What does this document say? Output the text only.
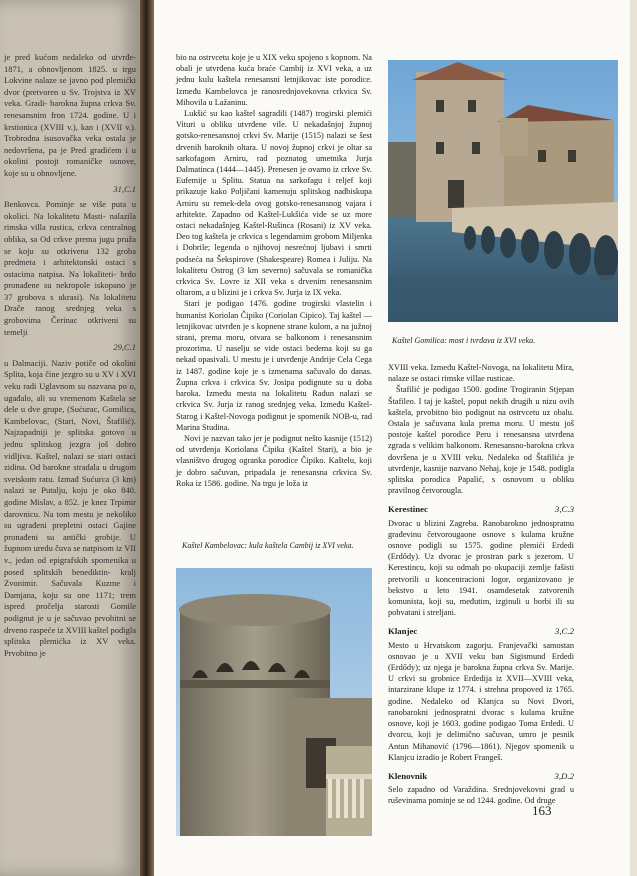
je pred kućom nedaleko od utvrđe- 1871, a obnovljenom 1825. u trgu Lokvine nalaze se javno pod plemićki dvor (pretvoren u Sv. Trojstva iz XV veka. Gradi- barokna župna crkva Sv. renesansnim fron 1724. godine. U i krstionica (XVIII v.), kan i (XVII v.). Trobrodna isusovačka veka ostala je nedovršena, pa je Pred gradićem i u okolini postoji romaničke osnove, koje su u obnovljene.

31,C.1

Benkovca. Pominje se više puta u okolici. Na lokalitetu Masti- nalazila rimska villa rustica, crkva centralnog oblika, sa Od crkve prema jugu pruža se koju su otkrivena 132 groba predmeta i arhitektonski ostaci s ostacima natpisa. Na lokaliteti- brdo pronađene su nekropole iskopano je 37 grobova s ukrasi). Na lokalitetu Drače ranog srednjeg veka s grobovima Čerinac otkriveni su temelji

29,C.1

u Dalmaciji. Naziv potiče od okolini Splita, koja čine jezgro su u XV i XVI veku radi Uglavnom su nazvana po o, ugađalo, ali su vremenom Kaštela se dele u dve grupe, (Sućurac, Gomilica, Kambelovac, (Stari, Novi, Štafilić). Najzapadniji je splitska gotovo u jednu splitskog jezgra još dobro vidljiva. Kaštel, nalazi se stari ostaci zidina. Od baroknе stradala u drugom svetskom ratu. Izmađ Sućurca (3 km) nalazi se Putalju, koju je oko 840. godine Mislav, a 852. je knez Trpimir darovnicu. Na tom mestu je nekoliko su ugrađeni prepletni ostaci Gajine pronađeni su antički grobije. U župnom uredu čuva se natpisom iz VII v., jedan od epigrafskih spomenika u posed splitskih benediktin- kralj Zvonimir. Sačuvala Kuzme i Damjana, koju su one 1171; trem ispred pročelja starosti Gomile podignut je u je sačuvao prvobitni se drveno raspeće iz XVIII kaštel podigla splitska plemićka iz XV veka. Prvobitno je

bio na ostrvcetu koje je u XIX veku spojeno s kopnom. Na obali je utvrđena kuća braće Cambij iz XVI veka, a uz jednu kulu kaštela renesansni letnjikovac iste porodice. Između Kambelovca je ranosrednjovekovna crkvica Sv. Mihovila u Lažaninu.

Lukšić su kao kaštel sagradili (1487) trogirski plemići Vituri u obliku utvrđene vile. U nekadašnjoj župnoj gotsko-renesansnoj crkvi Sv. Marije (1515) nalazi se šest drvenih baroknih oltara. U novoj župnoj crkvi je oltar sa sarkofagom Arniru, rad poznatog umetnika Jurja Dalmatinca (1444—1445). Prenesen je ovamo iz crkve Sv. Eufemije u Splitu. Statua na sarkofagu i reljef koji prikazuje kako Poljičani kamenuju splitskog nadbiskupa Arniru su remek-dela ovog gotsko-renesansnog vajara i arhitekte. Zapadno od Kaštel-Lukšića vide se uz more ostaci nekadašnjeg Kaštel-Rušinca (Rosani) iz XV veka. Deo tog kaštela je crkvica s legendarnim grobom Miljenka i Dobrile; legenda o njihovoj nesrećnoj ljubavi i smrti podseća na Šekspirove (Shakespeare) Romea i Juliju. Na lokalitetu Ostrog (3 km severno) sačuvala se romanička crkvica Sv. Lovre iz XII veka s drvenim renesansnim oltarom, a u blizini je i crkva Sv. Jurja iz IX veka.

Stari je podigao 1476. godine trogirski vlastelin i humanist Koriolan Čipiko (Coriolan Cipico). Taj kaštel — letnjikovac utvrđen je s kopnene strane kulom, a na južnoj strani, prema moru, otvara se balkonom i renesansnim prozorima. U naselju se vide ostaci bedema koji su ga nekad opasivali. U mestu je i utvrđenje Andrije Cela Cega iz 1487. godine koje je s izmenama sačuvalo do danas. Župna crkva i crkvica Sv. Josipa podignute su u doba baroka. Između mesta na lokalitetu Radun nalazi se crkvica Sv. Jurja iz ranog srednjeg veka. Između Kaštel-Starog i Kaštel-Novoga podignut je spomenik NOB-u, rad Marina Studina.

Novi je nazvan tako jer je podignut nešto kasnije (1512) od utvrđenja Koriolana Čipika (Kaštel Stari), a bio je vlasništvo drugog ogranka porodice Čipiko. Kaštelu, koji je dobro sačuvan, pripadala je renesansna crkvica Sv. Roka iz 1586. godine. Na trgu je loža iz

Kaštel Gomilica: most i tvrđava iz XVI veka.
Kaštel Kambelovac: kula kaštela Cambij iz XVI veka.

XVIII veka. Između Kaštel-Novoga, na lokalitetu Mira, nalaze se ostaci rimske villae rusticae.

Štafilić je podigao 1500. godine Trogiranin Stjepan Štafileo. I taj je kaštel, poput nekih drugih u nizu ovih kaštela, prvobitno bio podignut na ostrvcetu uz obalu. Ostala je sačuvana kula prema moru. U mestu još postoje kaštel porodice Peru i renesansna utvrđena zgrada s velikim balkonom. Renesansno-barokna crkva dovršena je u XVIII veku. Nedaleko od Štafilića je utvrđenje, kasnije nazvano Nehaj, koje je 1548. podigla splitska porodica Papalić, s osnovom u obliku pravilnog četvorougla.

Kerestinec	3,C.3

Dvorac u blizini Zagreba. Ranobarokno jednospratnu građevinu četvorougaone osnove s kulama kružne osnove podigli su 1575. godine plemići Erdedi (Erdődy). Uz dvorac je prostran park s jezerom. U Kerestincu, koji su odmah po okupaciji zemlje fašisti pretvorili u koncentracioni logor, organizovano je bekstvo u leto 1941. osamdesetak zatvorenih komunista, koji su, međutim, izginuli u borbi ili su pohvatani i streljani.

Klanjec	3,C.2

Mesto u Hrvatskom zagorju. Franjevački samostan osnovao je u XVII veku ban Sigismund Erdedi (Erdődy); uz njega je barokna župna crkva Sv. Marije. U crkvi su grobnice Erdedija iz XVII—XVIII veka, intarzirane klupe iz 1774. i strehna propoved iz 1765. godine. Nedaleko od Klanjca su Novi Dvori, ranobarokni jednospratni dvorac s kulama kružne osnove, koji je 1603. godine podigao Toma Erdedi. U dvorcu, koji je delimično sačuvan, umro je pesnik Antun Mihanović (1796—1861). Njegov spomenik u Klanjcu izradio je Robert Frangeš.

Klenovnik	3,D.2

Selo zapadno od Varaždina. Srednjovekovni grad u ruševinama pominje se od 1244. godine. Od druge

163
